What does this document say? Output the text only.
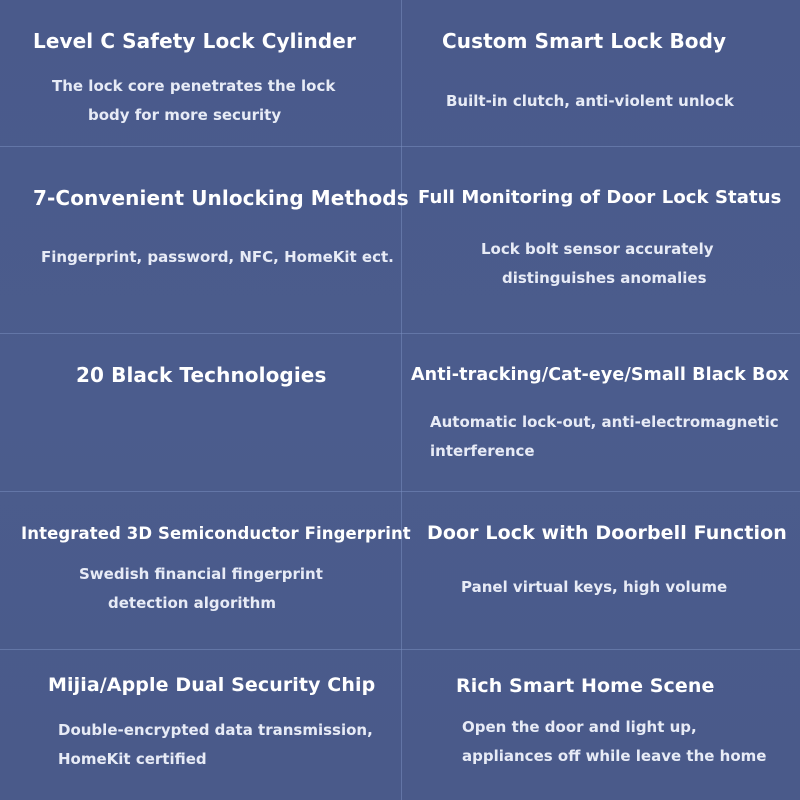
Level C Safety Lock Cylinder
The lock core penetrates the lock
body for more security
Custom Smart Lock Body
Built-in clutch, anti-violent unlock
7-Convenient Unlocking Methods
Fingerprint, password, NFC, HomeKit ect.
Full Monitoring of Door Lock Status
Lock bolt sensor accurately
distinguishes anomalies
20 Black Technologies	Anti-tracking/Cat-eye/Small Black Box
Automatic lock-out, anti-electromagnetic
interference
Integrated 3D Semiconductor Fingerprint
Swedish financial fingerprint
detection algorithm
Door Lock with Doorbell Function
Panel virtual keys, high volume
Mijia/Apple Dual Security Chip
Double-encrypted data transmission,
HomeKit certified
Rich Smart Home Scene
Open the door and light up,
appliances off while leave the home
